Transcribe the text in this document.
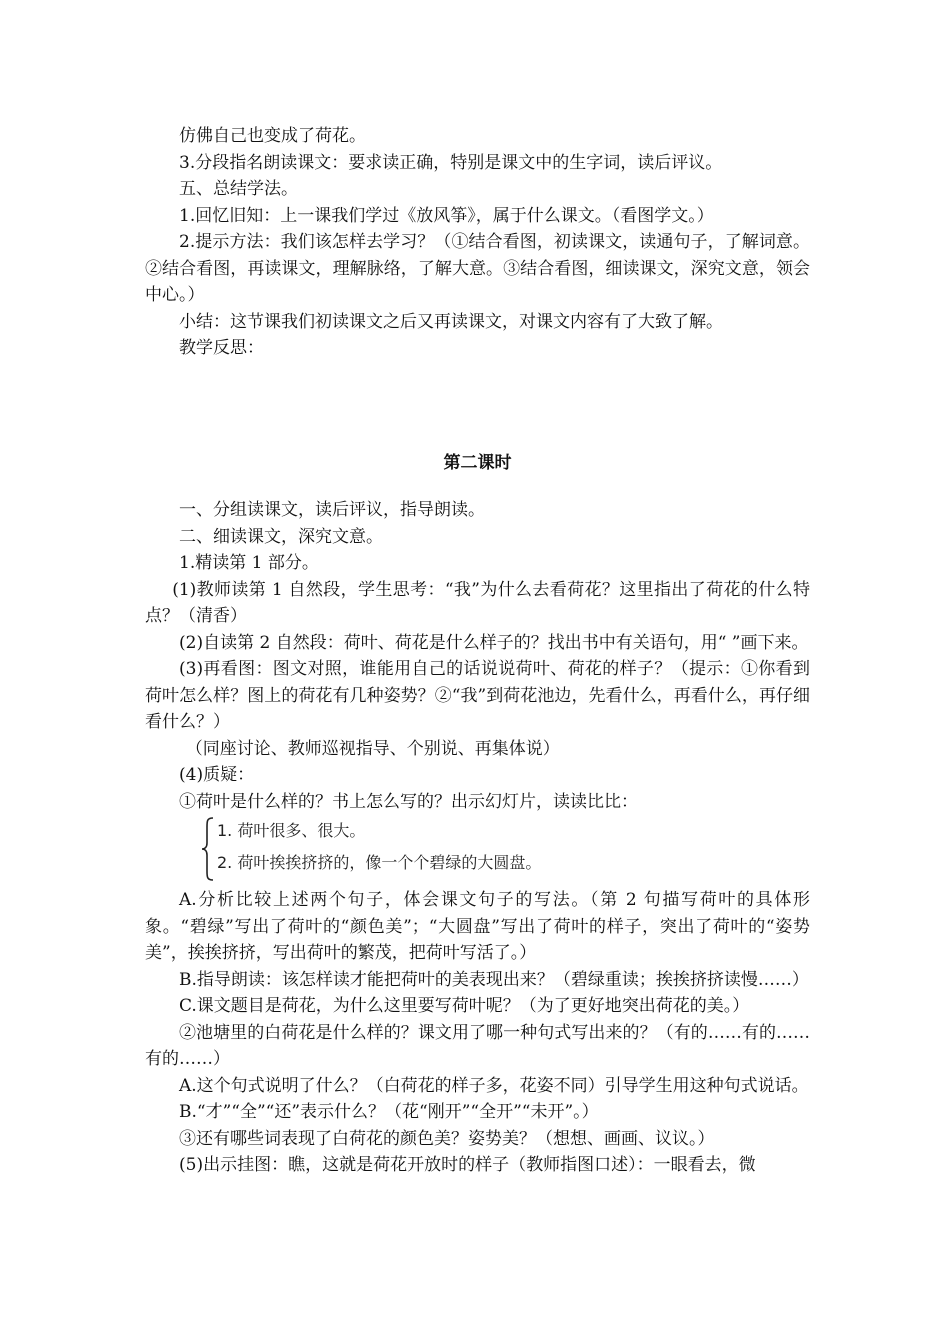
仿佛自己也变成了荷花。

3.分段指名朗读课文：要求读正确，特别是课文中的生字词，读后评议。

五、总结学法。

1.回忆旧知：上一课我们学过《放风筝》，属于什么课文。（看图学文。）

2.提示方法：我们该怎样去学习？（①结合看图，初读课文，读通句子，了解词意。②结合看图，再读课文，理解脉络，了解大意。③结合看图，细读课文，深究文意，领会中心。）

小结：这节课我们初读课文之后又再读课文，对课文内容有了大致了解。

教学反思：

第二课时

一、分组读课文，读后评议，指导朗读。

二、细读课文，深究文意。

1.精读第 1 部分。

(1)教师读第 1 自然段，学生思考：“我”为什么去看荷花？这里指出了荷花的什么特点？（清香）

(2)自读第 2 自然段：荷叶、荷花是什么样子的？找出书中有关语句，用“ ”画下来。

(3)再看图：图文对照，谁能用自己的话说说荷叶、荷花的样子？（提示：①你看到荷叶怎么样？图上的荷花有几种姿势？②“我”到荷花池边，先看什么，再看什么，再仔细看什么？）

（同座讨论、教师巡视指导、个别说、再集体说）

(4)质疑：

①荷叶是什么样的？书上怎么写的？出示幻灯片，读读比比：

1. 荷叶很多、很大。
2. 荷叶挨挨挤挤的，像一个个碧绿的大圆盘。

A.分析比较上述两个句子，体会课文句子的写法。（第 2 句描写荷叶的具体形象。“碧绿”写出了荷叶的“颜色美”；“大圆盘”写出了荷叶的样子，突出了荷叶的“姿势美”，挨挨挤挤，写出荷叶的繁茂，把荷叶写活了。）

B.指导朗读：该怎样读才能把荷叶的美表现出来？（碧绿重读；挨挨挤挤读慢……）

C.课文题目是荷花，为什么这里要写荷叶呢？（为了更好地突出荷花的美。）

②池塘里的白荷花是什么样的？课文用了哪一种句式写出来的？（有的……有的……有的……）

A.这个句式说明了什么？（白荷花的样子多，花姿不同）引导学生用这种句式说话。

B.“才”“全”“还”表示什么？（花“刚开”“全开”“未开”。）

③还有哪些词表现了白荷花的颜色美？姿势美？（想想、画画、议议。）

(5)出示挂图：瞧，这就是荷花开放时的样子（教师指图口述）：一眼看去，微
